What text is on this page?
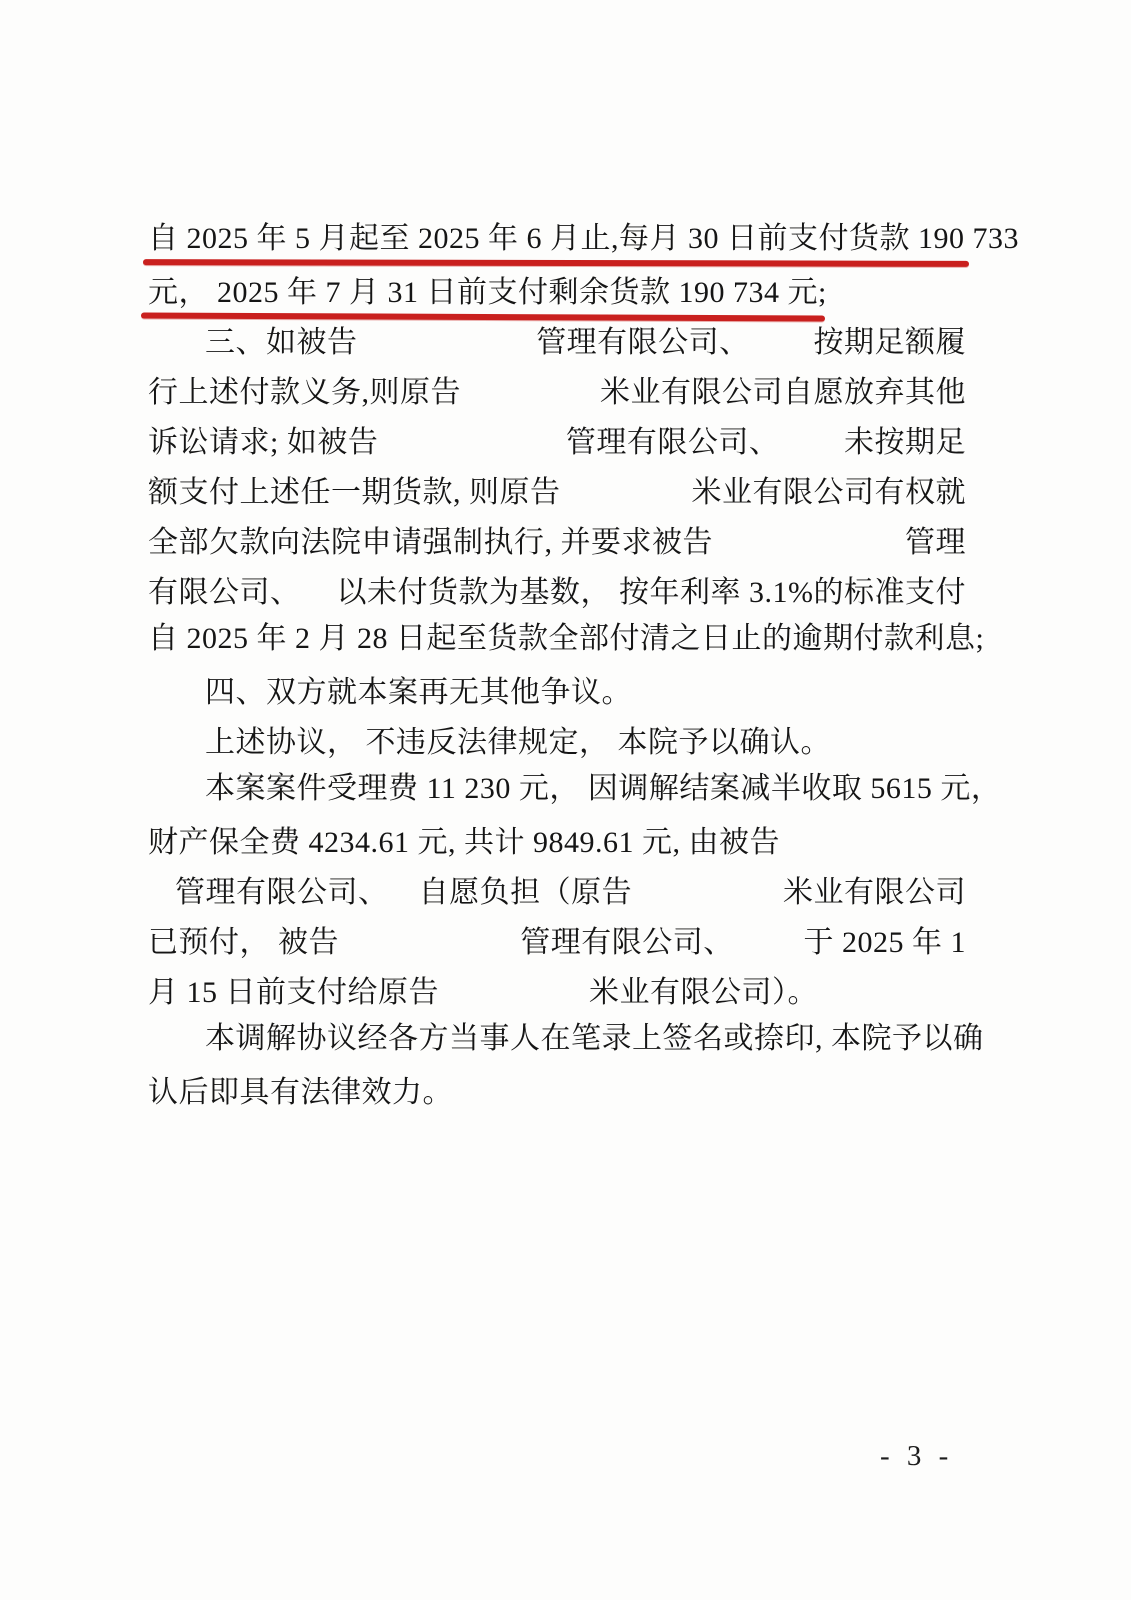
自 2025 年 5 月起至 2025 年 6 月止,每月 30 日前支付货款 190 733
元， 2025 年 7 月 31 日前支付剩余货款 190 734 元;
三、如被告	管理有限公司、 按期足额履
行上述付款义务,则原告	米业有限公司自愿放弃其他
诉讼请求; 如被告	管理有限公司、 未按期足
额支付上述任一期货款, 则原告	米业有限公司有权就
全部欠款向法院申请强制执行, 并要求被告	管理
有限公司、 以未付货款为基数， 按年利率 3.1%的标准支付
自 2025 年 2 月 28 日起至货款全部付清之日止的逾期付款利息;
四、双方就本案再无其他争议。
上述协议， 不违反法律规定， 本院予以确认。
本案案件受理费 11 230 元， 因调解结案减半收取 5615 元，
财产保全费 4234.61 元, 共计 9849.61 元, 由被告
管理有限公司、 自愿负担（原告	米业有限公司
已预付， 被告	管理有限公司、 于 2025 年 1
月 15 日前支付给原告	米业有限公司）。
本调解协议经各方当事人在笔录上签名或捺印, 本院予以确
认后即具有法律效力。
- 3 -
